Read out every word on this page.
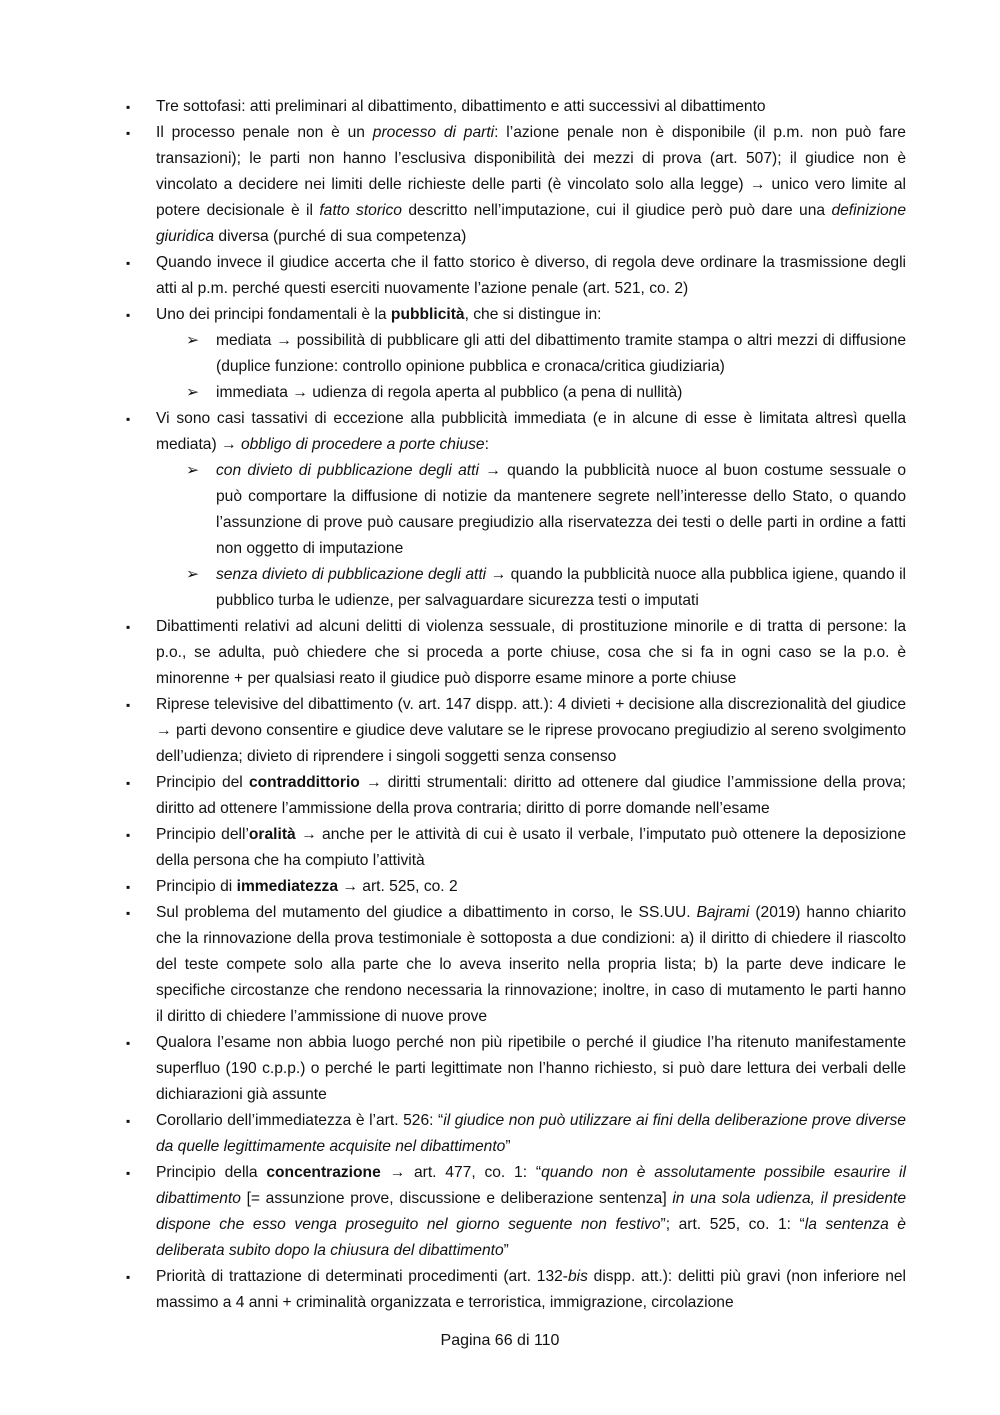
▪ Tre sottofasi: atti preliminari al dibattimento, dibattimento e atti successivi al dibattimento
▪ Il processo penale non è un processo di parti: l’azione penale non è disponibile (il p.m. non può fare transazioni); le parti non hanno l’esclusiva disponibilità dei mezzi di prova (art. 507); il giudice non è vincolato a decidere nei limiti delle richieste delle parti (è vincolato solo alla legge) → unico vero limite al potere decisionale è il fatto storico descritto nell’imputazione, cui il giudice però può dare una definizione giuridica diversa (purché di sua competenza)
▪ Quando invece il giudice accerta che il fatto storico è diverso, di regola deve ordinare la trasmissione degli atti al p.m. perché questi eserciti nuovamente l’azione penale (art. 521, co. 2)
▪ Uno dei principi fondamentali è la pubblicità, che si distingue in:
➢ mediata → possibilità di pubblicare gli atti del dibattimento tramite stampa o altri mezzi di diffusione (duplice funzione: controllo opinione pubblica e cronaca/critica giudiziaria)
➢ immediata → udienza di regola aperta al pubblico (a pena di nullità)
▪ Vi sono casi tassativi di eccezione alla pubblicità immediata (e in alcune di esse è limitata altresì quella mediata) → obbligo di procedere a porte chiuse:
➢ con divieto di pubblicazione degli atti → quando la pubblicità nuoce al buon costume sessuale o può comportare la diffusione di notizie da mantenere segrete nell’interesse dello Stato, o quando l’assunzione di prove può causare pregiudizio alla riservatezza dei testi o delle parti in ordine a fatti non oggetto di imputazione
➢ senza divieto di pubblicazione degli atti → quando la pubblicità nuoce alla pubblica igiene, quando il pubblico turba le udienze, per salvaguardare sicurezza testi o imputati
▪ Dibattimenti relativi ad alcuni delitti di violenza sessuale, di prostituzione minorile e di tratta di persone: la p.o., se adulta, può chiedere che si proceda a porte chiuse, cosa che si fa in ogni caso se la p.o. è minorenne + per qualsiasi reato il giudice può disporre esame minore a porte chiuse
▪ Riprese televisive del dibattimento (v. art. 147 dispp. att.): 4 divieti + decisione alla discrezionalità del giudice → parti devono consentire e giudice deve valutare se le riprese provocano pregiudizio al sereno svolgimento dell’udienza; divieto di riprendere i singoli soggetti senza consenso
▪ Principio del contraddittorio → diritti strumentali: diritto ad ottenere dal giudice l’ammissione della prova; diritto ad ottenere l’ammissione della prova contraria; diritto di porre domande nell’esame
▪ Principio dell’oralità → anche per le attività di cui è usato il verbale, l’imputato può ottenere la deposizione della persona che ha compiuto l’attività
▪ Principio di immediatezza → art. 525, co. 2
▪ Sul problema del mutamento del giudice a dibattimento in corso, le SS.UU. Bajrami (2019) hanno chiarito che la rinnovazione della prova testimoniale è sottoposta a due condizioni: a) il diritto di chiedere il riascolto del teste compete solo alla parte che lo aveva inserito nella propria lista; b) la parte deve indicare le specifiche circostanze che rendono necessaria la rinnovazione; inoltre, in caso di mutamento le parti hanno il diritto di chiedere l’ammissione di nuove prove
▪ Qualora l’esame non abbia luogo perché non più ripetibile o perché il giudice l’ha ritenuto manifestamente superfluo (190 c.p.p.) o perché le parti legittimate non l’hanno richiesto, si può dare lettura dei verbali delle dichiarazioni già assunte
▪ Corollario dell’immediatezza è l’art. 526: “il giudice non può utilizzare ai fini della deliberazione prove diverse da quelle legittimamente acquisite nel dibattimento”
▪ Principio della concentrazione → art. 477, co. 1: “quando non è assolutamente possibile esaurire il dibattimento [= assunzione prove, discussione e deliberazione sentenza] in una sola udienza, il presidente dispone che esso venga proseguito nel giorno seguente non festivo”; art. 525, co. 1: “la sentenza è deliberata subito dopo la chiusura del dibattimento”
▪ Priorità di trattazione di determinati procedimenti (art. 132-bis dispp. att.): delitti più gravi (non inferiore nel massimo a 4 anni + criminalità organizzata e terroristica, immigrazione, circolazione
Pagina 66 di 110
